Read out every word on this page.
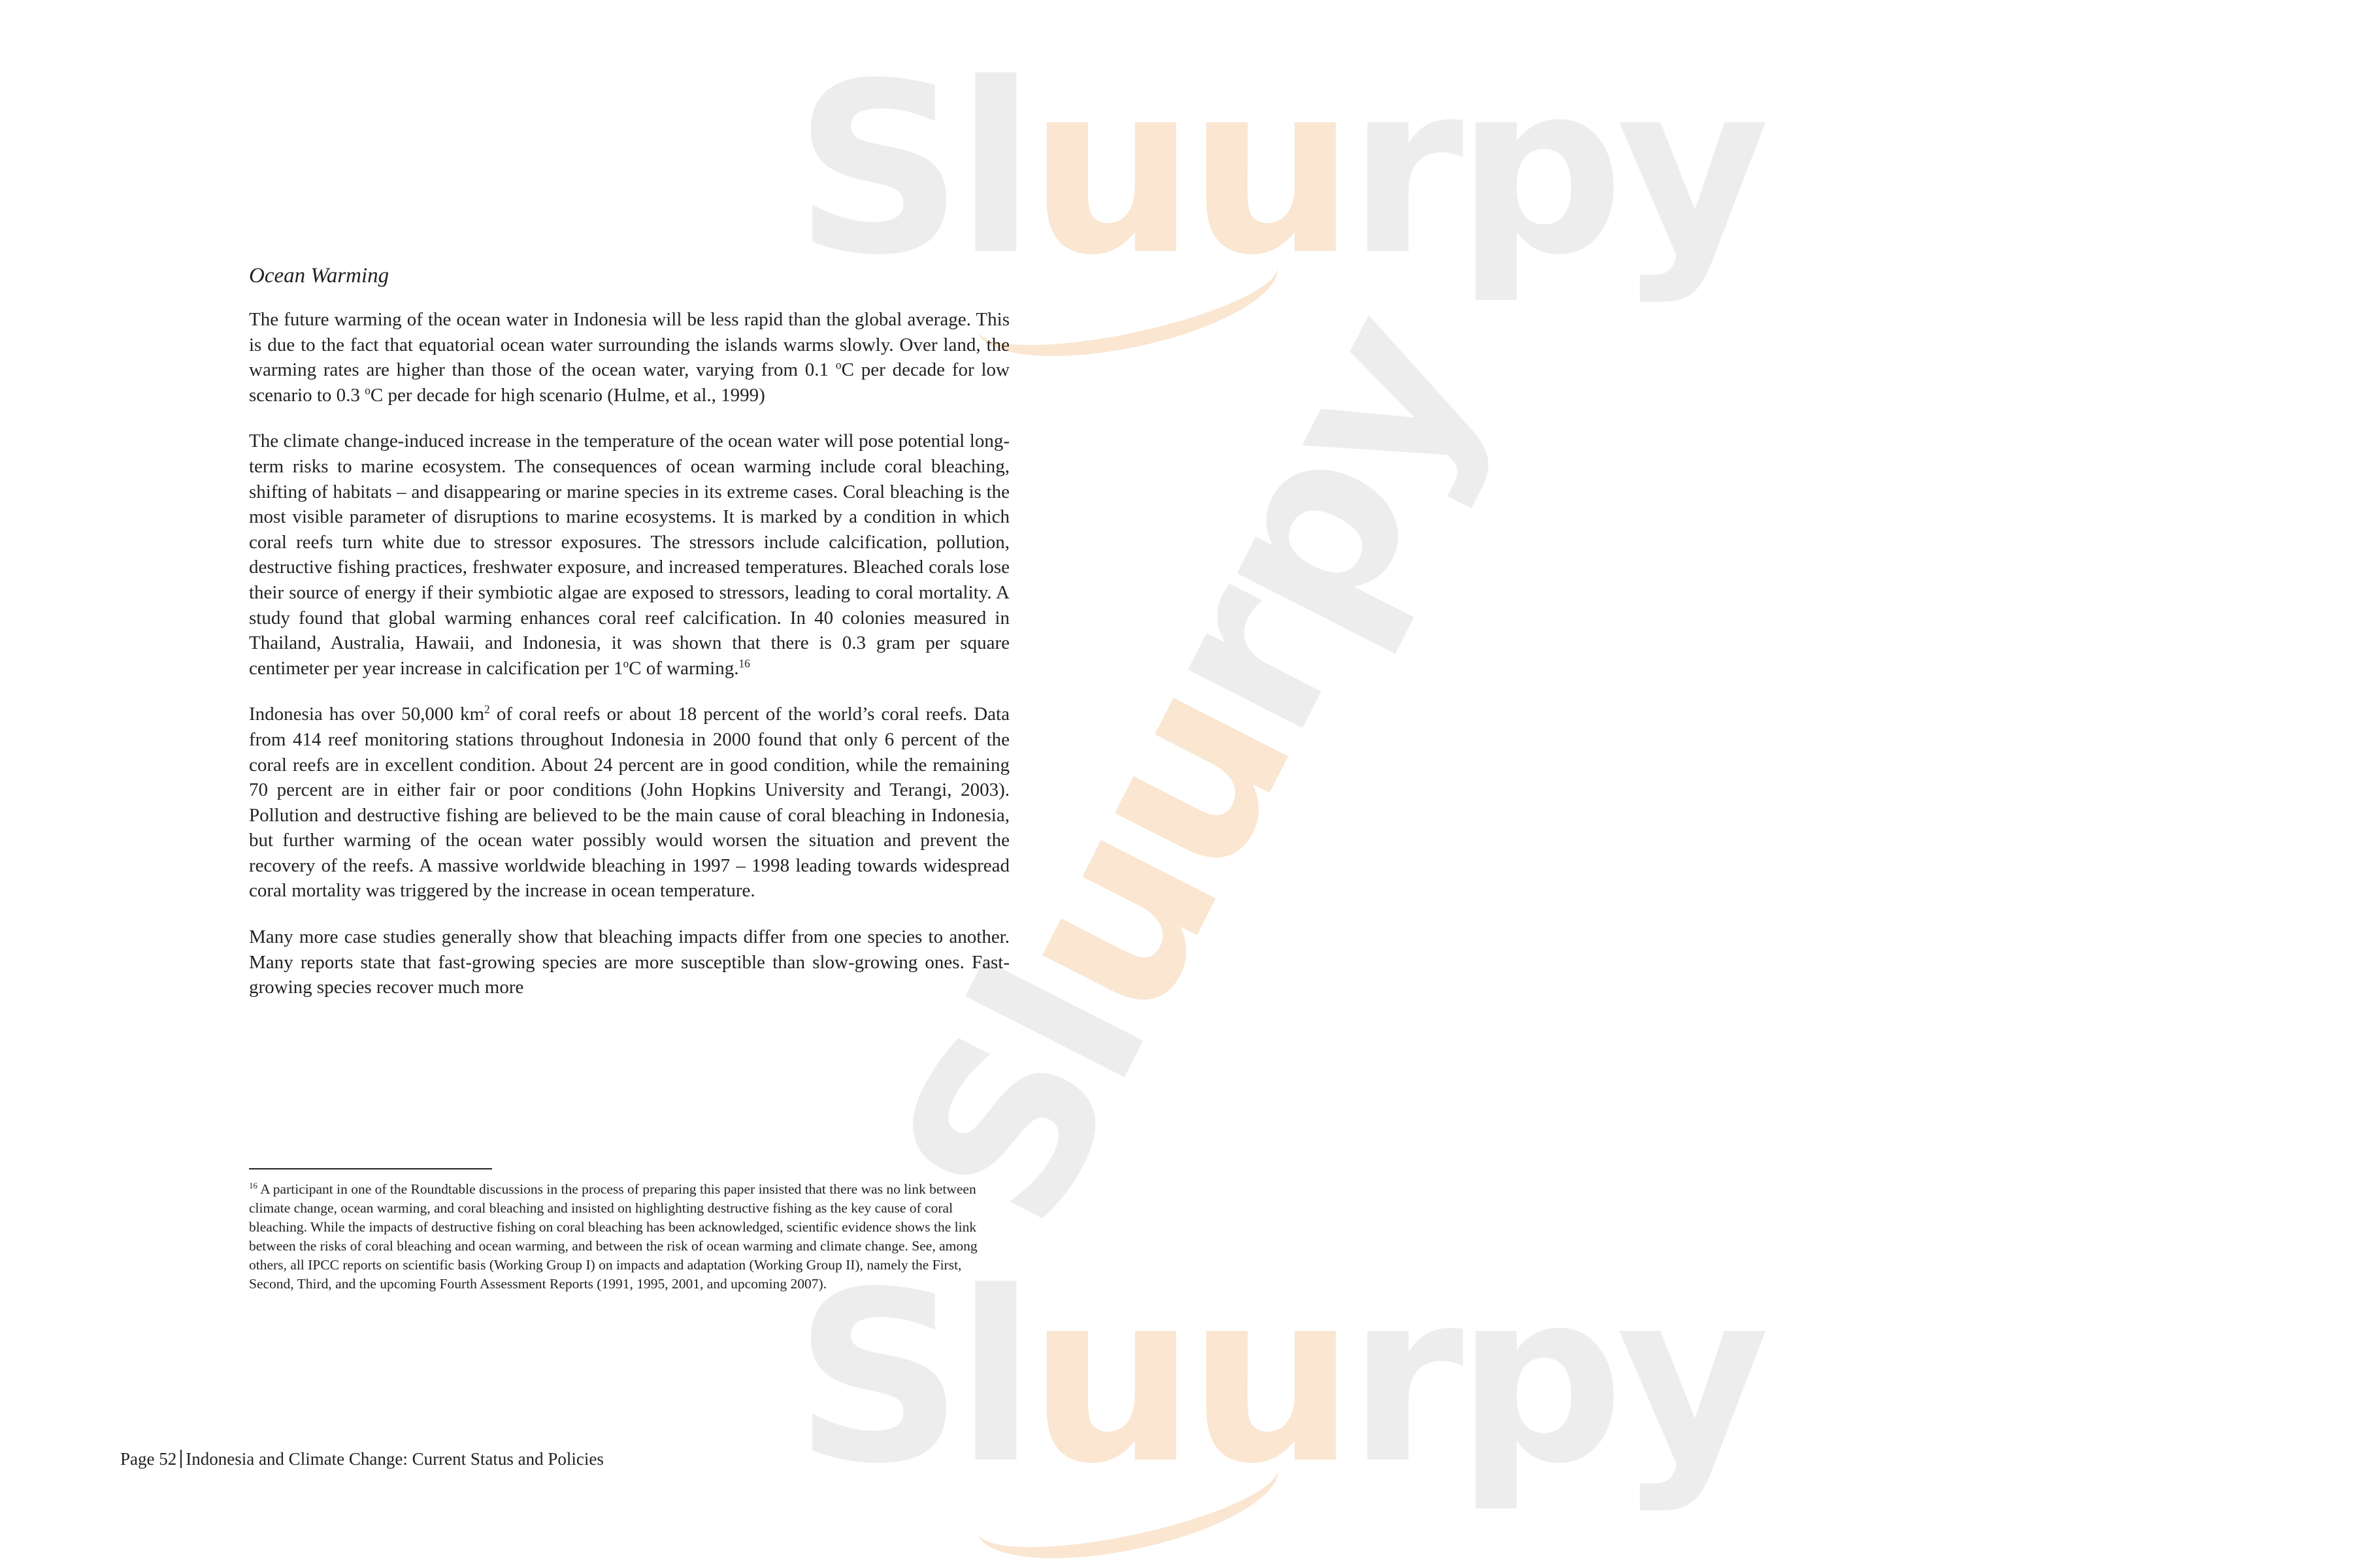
Sluurpy
Sluurpy
Sluurpy
Ocean Warming

The future warming of the ocean water in Indonesia will be less rapid than the global average. This is due to the fact that equatorial ocean water surrounding the islands warms slowly. Over land, the warming rates are higher than those of the ocean water, varying from 0.1 $^o$C per decade for low scenario to 0.3 $^o$C per decade for high scenario (Hulme, et al., 1999)

The climate change-induced increase in the temperature of the ocean water will pose potential long-term risks to marine ecosystem. The consequences of ocean warming include coral bleaching, shifting of habitats – and disappearing or marine species in its extreme cases. Coral bleaching is the most visible parameter of disruptions to marine ecosystems. It is marked by a condition in which coral reefs turn white due to stressor exposures. The stressors include calcification, pollution, destructive fishing practices, freshwater exposure, and increased temperatures. Bleached corals lose their source of energy if their symbiotic algae are exposed to stressors, leading to coral mortality. A study found that global warming enhances coral reef calcification. In 40 colonies measured in Thailand, Australia, Hawaii, and Indonesia, it was shown that there is 0.3 gram per square centimeter per year increase in calcification per 1$^o$C of warming.$^{16}$

Indonesia has over 50,000 $km^2$ of coral reefs or about 18 percent of the world’s coral reefs. Data from 414 reef monitoring stations throughout Indonesia in 2000 found that only 6 percent of the coral reefs are in excellent condition. About 24 percent are in good condition, while the remaining 70 percent are in either fair or poor conditions (John Hopkins University and Terangi, 2003). Pollution and destructive fishing are believed to be the main cause of coral bleaching in Indonesia, but further warming of the ocean water possibly would worsen the situation and prevent the recovery of the reefs. A massive worldwide bleaching in 1997 – 1998 leading towards widespread coral mortality was triggered by the increase in ocean temperature.

Many more case studies generally show that bleaching impacts differ from one species to another. Many reports state that fast-growing species are more susceptible than slow-growing ones. Fast-growing species recover much more

$^{16}$ A participant in one of the Roundtable discussions in the process of preparing this paper insisted that there was no link between climate change, ocean warming, and coral bleaching and insisted on highlighting destructive fishing as the key cause of coral bleaching. While the impacts of destructive fishing on coral bleaching has been acknowledged, scientific evidence shows the link between the risks of coral bleaching and ocean warming, and between the risk of ocean warming and climate change. See, among others, all IPCC reports on scientific basis (Working Group I) on impacts and adaptation (Working Group II), namely the First, Second, Third, and the upcoming Fourth Assessment Reports (1991, 1995, 2001, and upcoming 2007).
Page 52 Indonesia and Climate Change: Current Status and Policies
